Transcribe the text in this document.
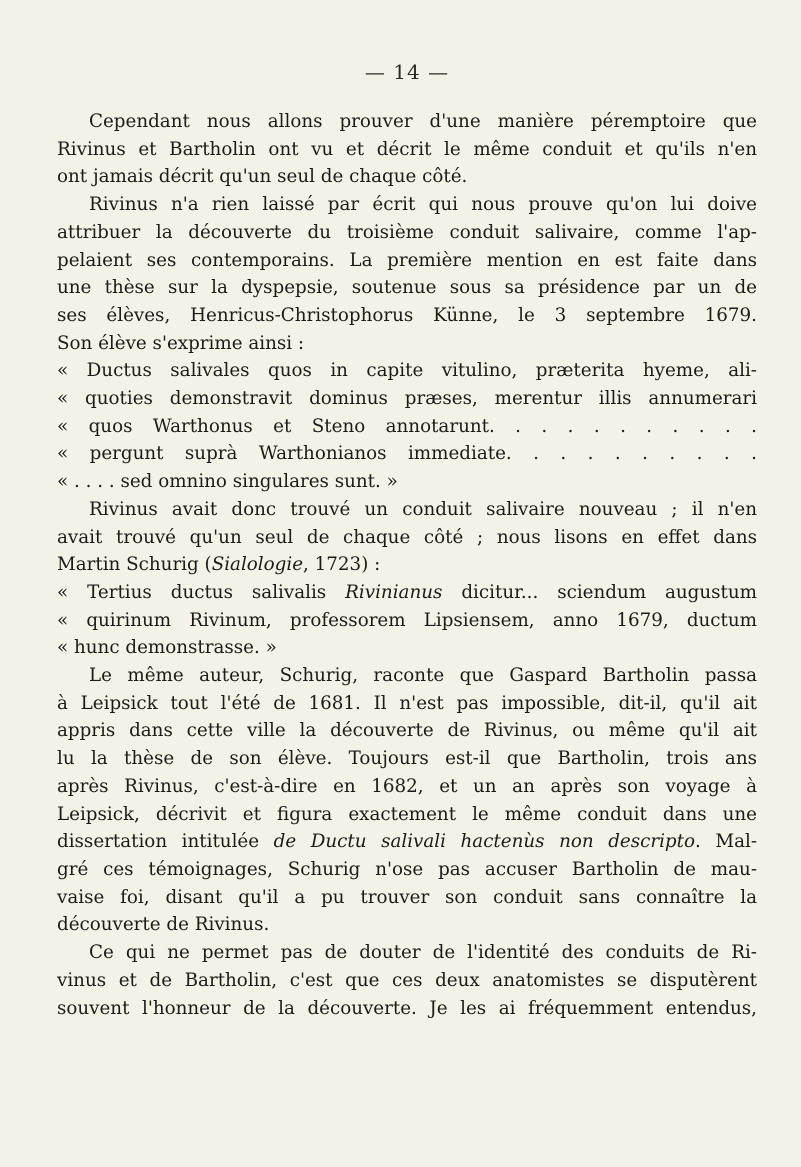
— 14 —
Cependant nous allons prouver d'une manière péremptoire que
Rivinus et Bartholin ont vu et décrit le même conduit et qu'ils n'en
ont jamais décrit qu'un seul de chaque côté.
Rivinus n'a rien laissé par écrit qui nous prouve qu'on lui doive
attribuer la découverte du troisième conduit salivaire, comme l'ap-
pelaient ses contemporains. La première mention en est faite dans
une thèse sur la dyspepsie, soutenue sous sa présidence par un de
ses élèves, Henricus-Christophorus Künne, le 3 septembre 1679.
Son élève s'exprime ainsi :
« Ductus salivales quos in capite vitulino, præterita hyeme, ali-
« quoties demonstravit dominus præses, merentur illis annumerari
« quos Warthonus et Steno annotarunt. . . . . . . . . . .
« pergunt suprà Warthonianos immediate. . . . . . . . . .
« . . . . sed omnino singulares sunt. »
Rivinus avait donc trouvé un conduit salivaire nouveau ; il n'en
avait trouvé qu'un seul de chaque côté ; nous lisons en effet dans
Martin Schurig (Sialologie, 1723) :
« Tertius ductus salivalis Rivinianus dicitur... sciendum augustum
« quirinum Rivinum, professorem Lipsiensem, anno 1679, ductum
« hunc demonstrasse. »
Le même auteur, Schurig, raconte que Gaspard Bartholin passa
à Leipsick tout l'été de 1681. Il n'est pas impossible, dit-il, qu'il ait
appris dans cette ville la découverte de Rivinus, ou même qu'il ait
lu la thèse de son élève. Toujours est-il que Bartholin, trois ans
après Rivinus, c'est-à-dire en 1682, et un an après son voyage à
Leipsick, décrivit et figura exactement le même conduit dans une
dissertation intitulée de Ductu salivali hactenùs non descripto. Mal-
gré ces témoignages, Schurig n'ose pas accuser Bartholin de mau-
vaise foi, disant qu'il a pu trouver son conduit sans connaître la
découverte de Rivinus.
Ce qui ne permet pas de douter de l'identité des conduits de Ri-
vinus et de Bartholin, c'est que ces deux anatomistes se disputèrent
souvent l'honneur de la découverte. Je les ai fréquemment entendus,
